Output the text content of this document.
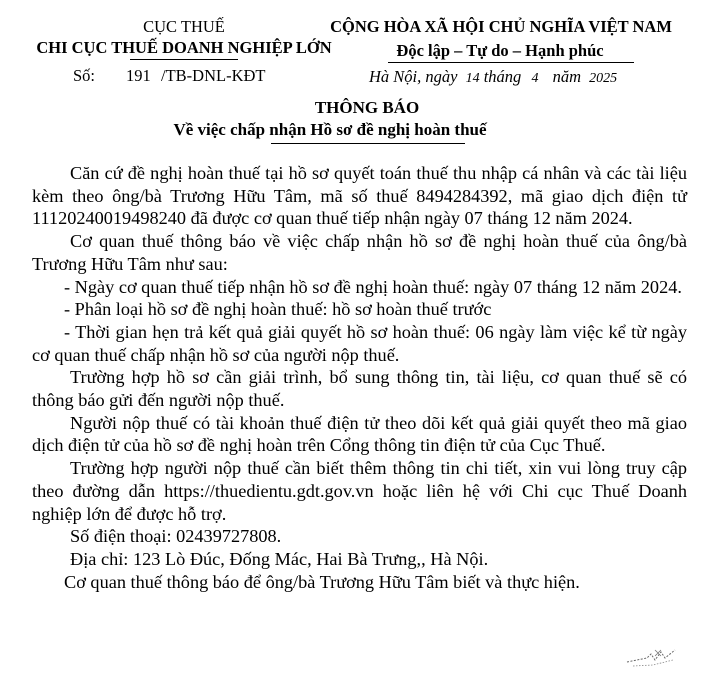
CỤC THUẾ
CHI CỤC THUẾ DOANH NGHIỆP LỚN
Số: 191 /TB-DNL-KĐT
CỘNG HÒA XÃ HỘI CHỦ NGHĨA VIỆT NAM
Độc lập – Tự do – Hạnh phúc
Hà Nội, ngày 14 tháng 4 năm 2025
THÔNG BÁO
Về việc chấp nhận Hồ sơ đề nghị hoàn thuế

Căn cứ đề nghị hoàn thuế tại hồ sơ quyết toán thuế thu nhập cá nhân và các tài liệu kèm theo ông/bà Trương Hữu Tâm, mã số thuế 8494284392, mã giao dịch điện tử 11120240019498240 đã được cơ quan thuế tiếp nhận ngày 07 tháng 12 năm 2024.

Cơ quan thuế thông báo về việc chấp nhận hồ sơ đề nghị hoàn thuế của ông/bà Trương Hữu Tâm như sau:

- Ngày cơ quan thuế tiếp nhận hồ sơ đề nghị hoàn thuế: ngày 07 tháng 12 năm 2024.

- Phân loại hồ sơ đề nghị hoàn thuế: hồ sơ hoàn thuế trước

- Thời gian hẹn trả kết quả giải quyết hồ sơ hoàn thuế: 06 ngày làm việc kể từ ngày cơ quan thuế chấp nhận hồ sơ của người nộp thuế.

Trường hợp hồ sơ cần giải trình, bổ sung thông tin, tài liệu, cơ quan thuế sẽ có thông báo gửi đến người nộp thuế.

Người nộp thuế có tài khoản thuế điện tử theo dõi kết quả giải quyết theo mã giao dịch điện tử của hồ sơ đề nghị hoàn trên Cổng thông tin điện tử của Cục Thuế.

Trường hợp người nộp thuế cần biết thêm thông tin chi tiết, xin vui lòng truy cập theo đường dẫn https://thuedientu.gdt.gov.vn hoặc liên hệ với Chi cục Thuế Doanh nghiệp lớn để được hỗ trợ.

Số điện thoại: 02439727808.

Địa chỉ: 123 Lò Đúc, Đống Mác, Hai Bà Trưng,, Hà Nội.

Cơ quan thuế thông báo để ông/bà Trương Hữu Tâm biết và thực hiện.
